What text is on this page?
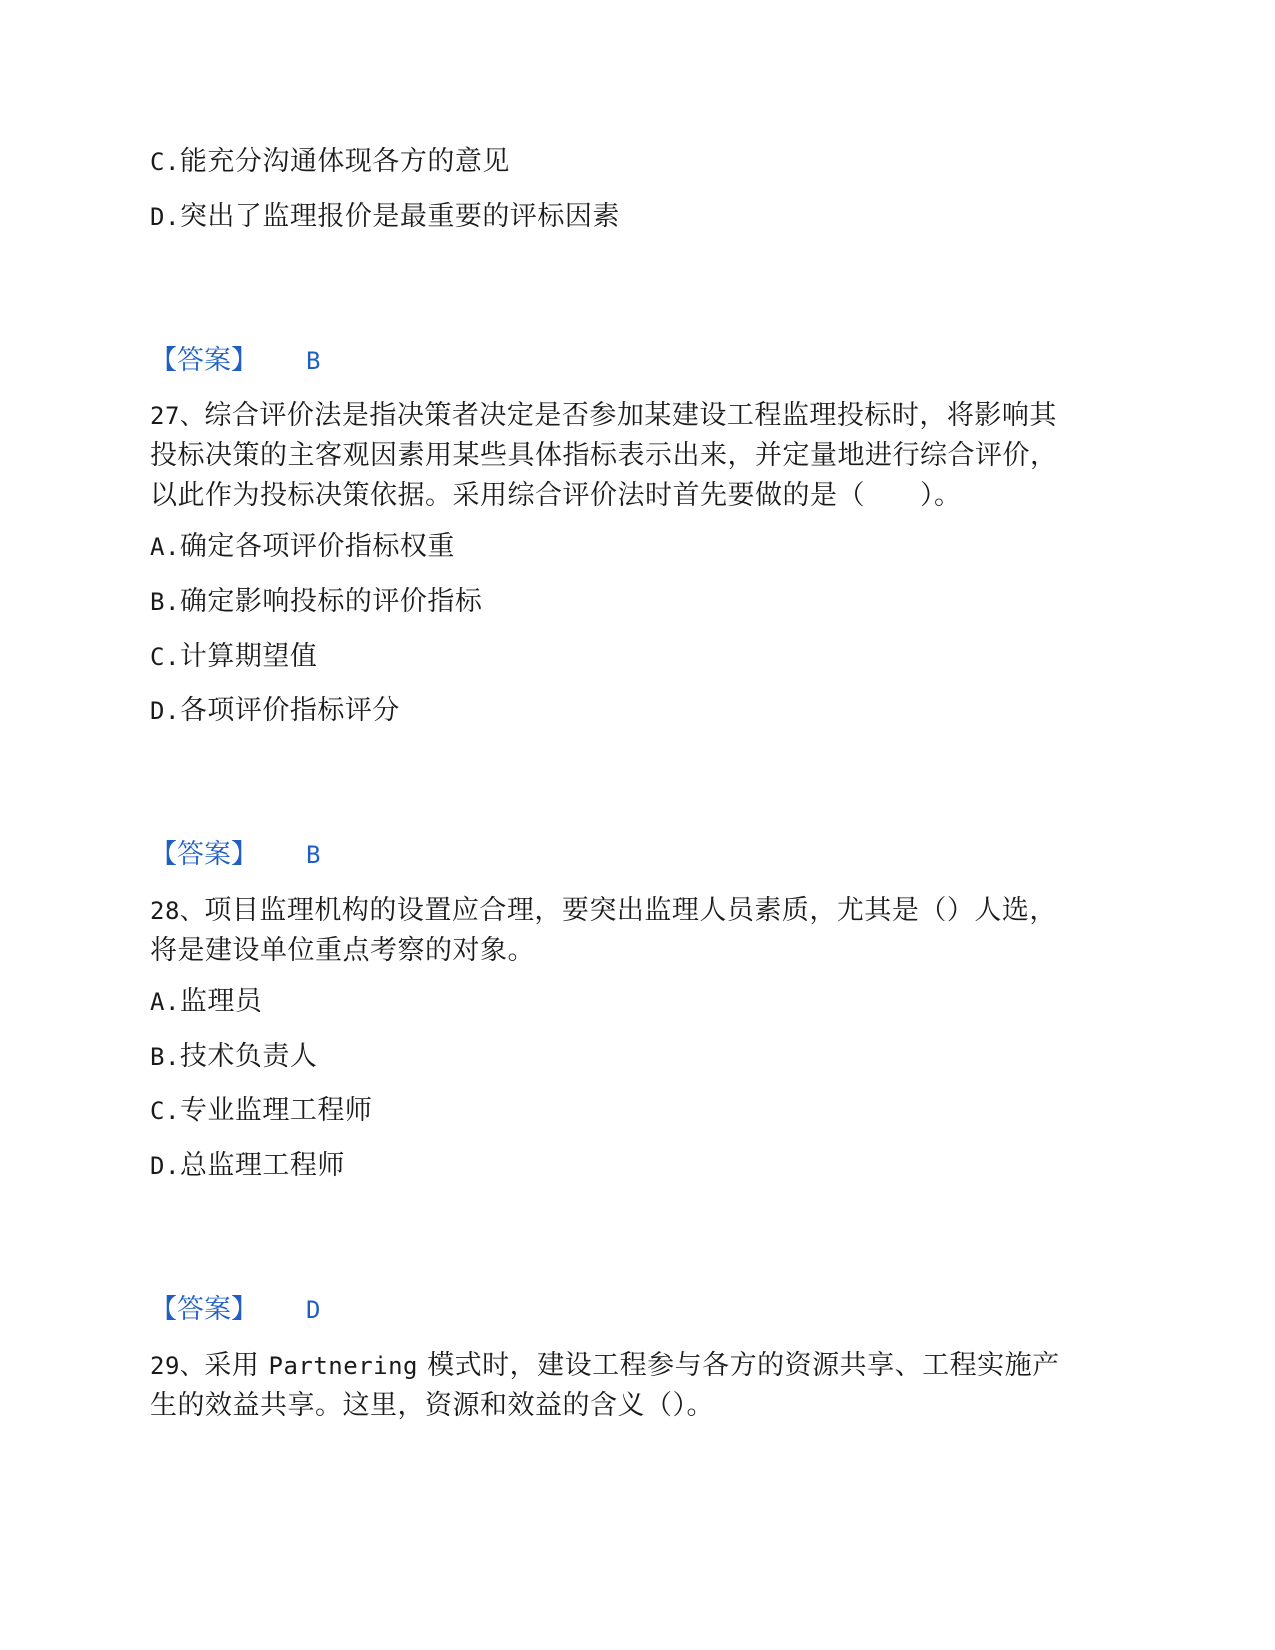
C.能充分沟通体现各方的意见
D.突出了监理报价是最重要的评标因素
【答案】 B
27、综合评价法是指决策者决定是否参加某建设工程监理投标时，将影响其
投标决策的主客观因素用某些具体指标表示出来，并定量地进行综合评价，
以此作为投标决策依据。采用综合评价法时首先要做的是（　　）。
A.确定各项评价指标权重
B.确定影响投标的评价指标
C.计算期望值
D.各项评价指标评分
【答案】 B
28、项目监理机构的设置应合理，要突出监理人员素质，尤其是（）人选，
将是建设单位重点考察的对象。
A.监理员
B.技术负责人
C.专业监理工程师
D.总监理工程师
【答案】 D
29、采用 Partnering 模式时，建设工程参与各方的资源共享、工程实施产
生的效益共享。这里，资源和效益的含义（）。
